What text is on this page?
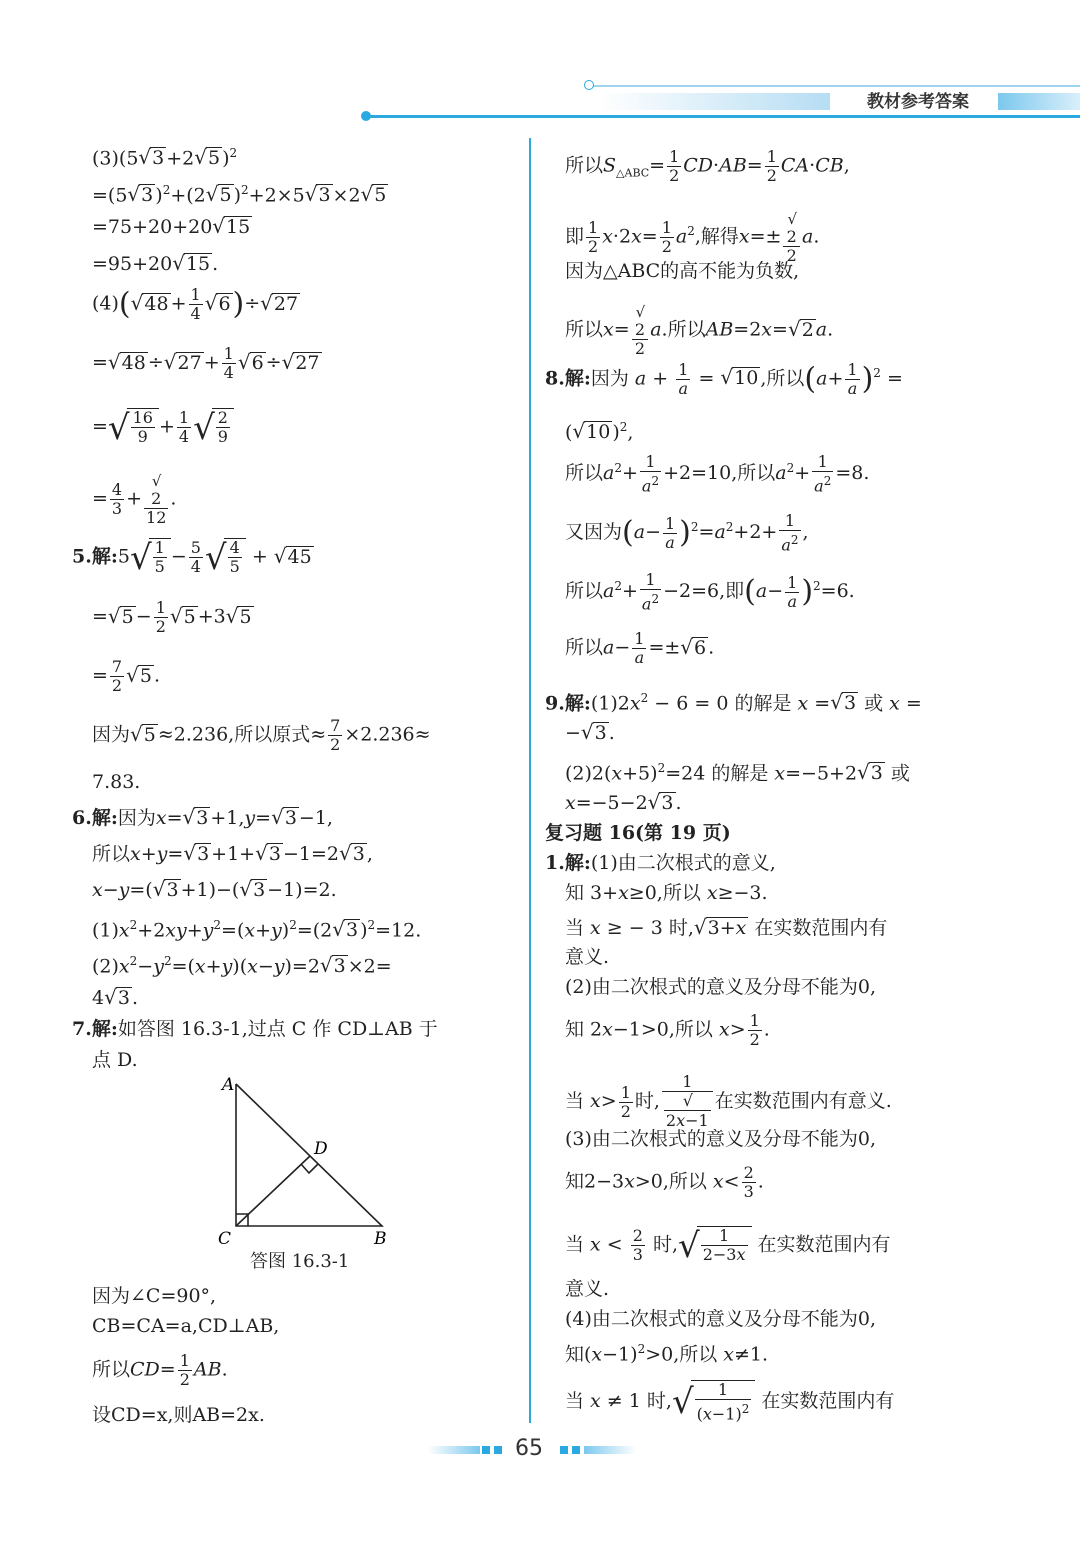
教材参考答案
(3)(5√3 +2√5 )$^2$
=(5√3 )$^2$+(2√5 )$^2$+2×5√3 ×2√5
=75+20+20√15
=95+20√15 .
$(4)(√48 + \frac{1}{4} √6)\div√27$
$=√48 \div√27 + \frac{1}{4} √6 \div√27$
=√ $\frac{16}{9} + \frac{1}{4}$ √ $\frac{2}{9}$
= $\frac{4}{3}$ + √
2
12 .
5.解:5√ $\frac{1}{5} - \frac{5}{4}$ √ $\frac{4}{5} + √45$
$=√5 - \frac{1}{2} √5 +3√5$
= $\frac{7}{2} √5$ .
因为√5 ≈2.236,所以原式≈ $\frac{7}{2} \times 2.236\approx$
7.83.
6.解:因为x=√3 +1,y=√3 −1,
所以x+y=√3 +1+√3 −1=2√3 ,
x−y=(√3 +1)−(√3 −1)=2.
$(1)x^2+2xy+y^2=(x+y)^2=(2√3$ )$^2$=12.
$(2)x^2-y^2=(x+y)(x-y)=2√3 \times 2=$
4√3 .
7.解:如答图 16.3-1,过点 C 作 CD⊥AB 于
点 D.
A
D
C	B
答图 16.3-1
因为∠C=90°,
CB=CA=a,CD⊥AB,
所以$CD= \frac{1}{2}$ AB.
设CD=x,则AB=2x.
所以$S_{\triangle ABC}= \frac{1}{2} CD\cdot AB= \frac{1}{2} CA\cdot CB$,
即 $\frac{1}{2} x\cdot 2x= \frac{1}{2} a^2$,解得x=± √
2
2 a.
因为△ABC的高不能为负数,
所以x= √
2
2 a.所以AB=2x=√2 a.
8.解:因为 $a + \frac{1}{a} = √10$ ,所以$(a+ \frac{1}{a} )^2$ =
(√10 )$^2$,
所以$a^2+ \frac{1}{a^2} +2=10$,所以$a^2+ \frac{1}{a^2} =8$.
又因为$(a- \frac{1}{a} )^2=a^2+2+ \frac{1}{a^2}$ ,
所以$a^2+ \frac{1}{a^2} -2=6$,即$(a- \frac{1}{a} )^2=6$.
所以$a- \frac{1}{a} =\pm√6$ .
9.解$:(1)2x^2 - 6 = 0$ 的解是 x =√3 或 x =
−√3 .
$(2)2(x+5)^2=24$ 的解是 x=−5+2√3 或
x=−5−2√3 .
复习题 16(第 19 页)
1.解:(1)由二次根式的意义,
知 3+x≥0,所以 x≥−3.
当 x ≥ − 3 时,√3+x 在实数范围内有
意义.
(2)由二次根式的意义及分母不能为0,
知 2x−1>0,所以 $x> \frac{1}{2}$ .
当 $x> \frac{1}{2}$ 时, 1
√
2x−1 在实数范围内有意义.
(3)由二次根式的意义及分母不能为0,
知2−3x>0,所以 $x< \frac{2}{3}$ .
当 $x < \frac{2}{3}$ 时,√ $\frac{1}{2-3x}$ 在实数范围内有
意义.
(4)由二次根式的意义及分母不能为0,
知$(x-1)^2>0$,所以 x≠1.
当 x ≠ 1 时,√ $\frac{1}{(x-1)^2}$ 在实数范围内有
65
